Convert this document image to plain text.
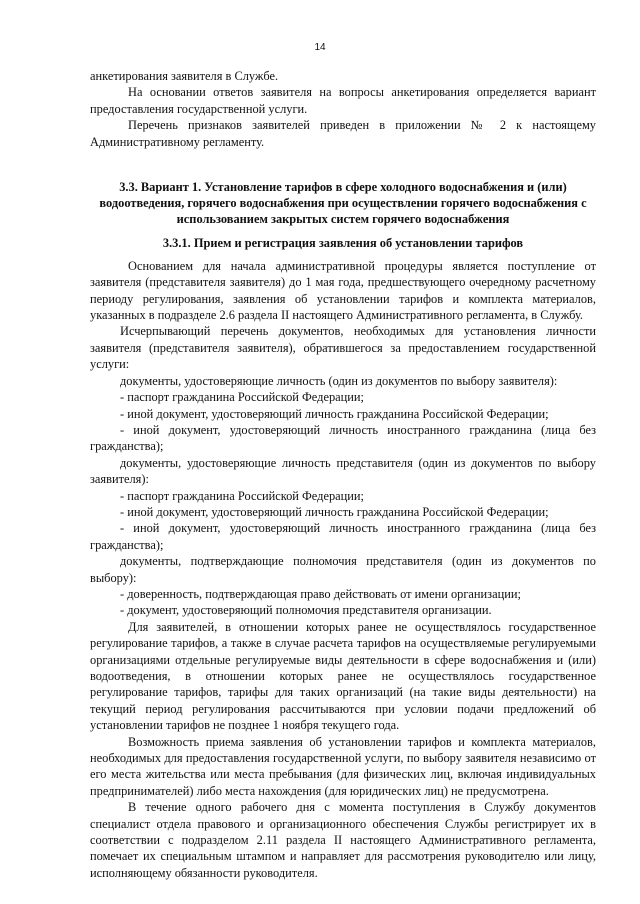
14

анкетирования заявителя в Службе.

На основании ответов заявителя на вопросы анкетирования определяется вариант предоставления государственной услуги.

Перечень признаков заявителей приведен в приложении № 2 к настоящему Административному регламенту.

3.3. Вариант 1. Установление тарифов в сфере холодного водоснабжения и (или) водоотведения, горячего водоснабжения при осуществлении горячего водоснабжения с использованием закрытых систем горячего водоснабжения

3.3.1. Прием и регистрация заявления об установлении тарифов

Основанием для начала административной процедуры является поступление от заявителя (представителя заявителя) до 1 мая года, предшествующего очередному расчетному периоду регулирования, заявления об установлении тарифов и комплекта материалов, указанных в подразделе 2.6 раздела II настоящего Административного регламента, в Службу.

Исчерпывающий перечень документов, необходимых для установления личности заявителя (представителя заявителя), обратившегося за предоставлением государственной услуги:

документы, удостоверяющие личность (один из документов по выбору заявителя):

- паспорт гражданина Российской Федерации;

- иной документ, удостоверяющий личность гражданина Российской Федерации;

- иной документ, удостоверяющий личность иностранного гражданина (лица без гражданства);

документы, удостоверяющие личность представителя (один из документов по выбору заявителя):

- паспорт гражданина Российской Федерации;

- иной документ, удостоверяющий личность гражданина Российской Федерации;

- иной документ, удостоверяющий личность иностранного гражданина (лица без гражданства);

документы, подтверждающие полномочия представителя (один из документов по выбору):

- доверенность, подтверждающая право действовать от имени организации;

- документ, удостоверяющий полномочия представителя организации.

Для заявителей, в отношении которых ранее не осуществлялось государственное регулирование тарифов, а также в случае расчета тарифов на осуществляемые регулируемыми организациями отдельные регулируемые виды деятельности в сфере водоснабжения и (или) водоотведения, в отношении которых ранее не осуществлялось государственное регулирование тарифов, тарифы для таких организаций (на такие виды деятельности) на текущий период регулирования рассчитываются при условии подачи предложений об установлении тарифов не позднее 1 ноября текущего года.

Возможность приема заявления об установлении тарифов и комплекта материалов, необходимых для предоставления государственной услуги, по выбору заявителя независимо от его места жительства или места пребывания (для физических лиц, включая индивидуальных предпринимателей) либо места нахождения (для юридических лиц) не предусмотрена.

В течение одного рабочего дня с момента поступления в Службу документов специалист отдела правового и организационного обеспечения Службы регистрирует их в соответствии с подразделом 2.11 раздела II настоящего Административного регламента, помечает их специальным штампом и направляет для рассмотрения руководителю или лицу, исполняющему обязанности руководителя.
